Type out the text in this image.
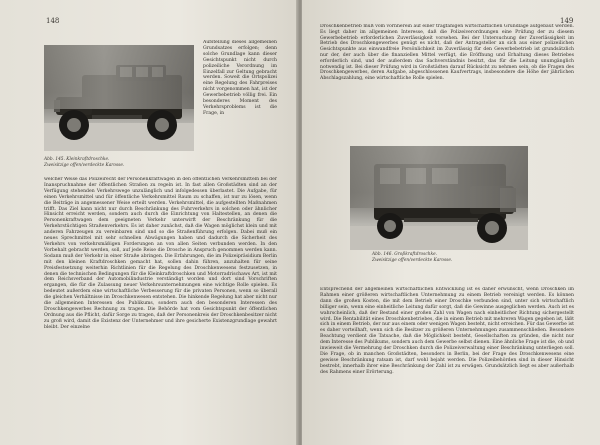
148
Abb. 145. Kleinkraftdroschke.
Zweisitzige offen/verdeckte Karosse.

Aufstellung dieses allgemeinen Grundsatzes erfolgen; denn solche Grundlage kann dieser Gesichtspunkt nicht durch polizeiliche Verordnung im Einzelfall zur Geltung gebracht werden. Soweit die Ortspolizei eine Regelung des Fahrpreises nicht vorgenommen hat, ist der Gewerbebetrieb völlig frei. Ein besonderes Moment des Verkehrsproblems ist die Frage, in

welcher Weise das Polizeirecht der Personenkraftwagen in den öffentlichen Verkehrsmitteln bei der Inanspruchnahme der öffentlichen Straßen zu regeln ist. In fast allen Großstädten sind an der Verfügung stehenden Verkehrswege unzulänglich und infolgedessen überlastet. Die Aufgabe, für einen Verkehrsmittel und für öffentliche Verkehrsmittel Raum zu schaffen, ist nur zu lösen, wenn die Beiträge in angemessener Weise erteilt werden. Verkehrsmittel, die aufgestellten Maßnahmen trifft. Das Ziel kann nicht nur durch Beschränkung des Fuhrverkehrs in solchen oder ähnlicher Hinsicht erreicht werden, sondern auch durch die Einrichtung von Haltestellen, an denen die Personenkraftwagen dem geeigneten Verkehr unterwirft der Beschränkung für die Verkehrstüchtigen Straßenverkehrs. Es ist daher zunächst, daß die Wagen möglichst klein und mit anderen Fahrzeugen zu vereinbaren sind und so die Straßenführung erfolgen. Dabei muß ein neues Sprechmittel mit sehr schnellen Abwägungen haben und dadurch die Sicherheit des Verkehrs von verkehrsmäßigen Forderungen an von allen Seiten verbunden werden. In den Vorbehalt gebracht werden, soll, auf jede Reise die Drosche in Anspruch genommen werden kann. Sodann muß der Verkehr in einer Straße abringen. Die Erfahrungen, die im Polizeipräsidium Berlin mit den kleinen Kraftdroschken gemacht hat, sollen dahin führen, anzuhalten für seine Preisfestsetzung weiterhin Richtlinien für die Regelung des Droschkenwesens festzusetzen, in denen die technischen Bedingungen für die Kleinkraftdroschken und Motorradrischaws Art, ist mit dem Reichsverband der Automobilindustrie verständigt worden und dort sind Vorschriften ergangen, die für die Zulassung neuer Verkehrsunternehmungen eine wichtige Rolle spielen. Es bedeutet außerdem eine wirtschaftliche Verbesserung für die privaten Personen, wenn so überall die gleichen Verhältnisse im Droschkenwesen entstehen. Die hinkende Regelung hat aber nicht nur die allgemeinen Interessen des Publikums, sondern auch den besonderen Interessen des Droschkengewerbes Rechnung zu tragen. Die Behörde hat vom Gesichtspunkt der öffentlichen Ordnung aus die Pflicht, dafür Sorge zu tragen, daß der Personenkreis der Droschkenbesitzer nicht zu groß wird, damit die Existenz der Unternehmer und ihre gesicherte Existenzgrundlage gewahrt bleibt. Der einzelne

149

Droschkenbetrieb muß vom vornherein auf einer tragfähigen wirtschaftlichen Grundlage aufgebaut werden. Es liegt daher im allgemeinen Interesse, daß die Polizeiverordnungen eine Prüfung der zu diesem Gewerbebetrieb erforderlichen Zuverlässigkeit vorsehen. Bei der Untersuchung der Zuverlässigkeit im Betrieb des Droschkengewerbes genügt es nicht, daß der Antragsteller an sich aus einer polizeilichen Gesichtspunkte aus einwandfreie Persönlichkeit im Zuverlässig für den Gewerbebetrieb ist grundsätzlich nur der, der auch über die finanziellen Mittel verfügt, die Eröffnung und Erhaltung dieses Betriebes erforderlich sind, und der außerdem das Sachverständnis besitzt, das für die Leitung unumgänglich notwendig ist. Bei dieser Prüfung wird in Großstädten darauf Rücksicht zu nehmen sein, ob die Fragen des Droschkengewerbes, deren Aufgabe, abgeschlossenen Kaufvertrags, insbesondere die Höhe der jährlichen Abschlagszahlung, eine wirtschaftliche Rolle spielen.

Abb. 146. Großkraftdroschke.
Zweisitzige offen/verdeckte Karosse.

Entsprechend der allgemeinen wirtschaftlichen Entwicklung ist es daher erwünscht, wenn Droschken im Rahmen einer größeren wirtschaftlichen Unternehmung zu einem Betrieb vereinigt werden. Es können dann die großen Kosten, die mit dem Betrieb einer Droschke verbunden sind, unter sich wirtschaftlich billiger sein, wenn eine einheitliche Leitung dafür sorgt, daß die Gewinne ausgeglichen werden. Auch ist es wahrscheinlich, daß der Bestand einer großen Zahl von Wagen nach einheitlicher Richtung sichergestellt wird. Die Rentabilität eines Droschkenbetriebes, die in einem Betrieb mit mehreren Wagen gegeben ist, läßt sich in einem Betrieb, der nur aus einem oder wenigen Wagen besteht, nicht erreichen. Für das Gewerbe ist es daher vorteilhaft, wenn sich die Besitzer zu größeren Unternehmungen zusammenschließen. Besondere Beachtung verdient die Tatsache, daß die Möglichkeit besteht, Gesellschaften zu gründen, die nicht nur dem Interesse des Publikums, sondern auch dem Gewerbe selbst dienen. Eine ähnliche Frage ist die, ob und inwieweit die Vermehrung der Droschken durch die Polizeiverwaltung einer Beschränkung unterliegen soll. Die Frage, ob in manchen Großstädten, besonders in Berlin, bei der Frage des Droschkenwesens eine gewisse Beschränkung ratsam ist, darf wohl bejaht werden. Die Polizeibehörden sind in dieser Hinsicht bestrebt, innerhalb ihrer eine Beschränkung der Zahl ist zu erwägen. Grundsätzlich liegt es aber außerhalb des Rahmens einer Erörterung.
